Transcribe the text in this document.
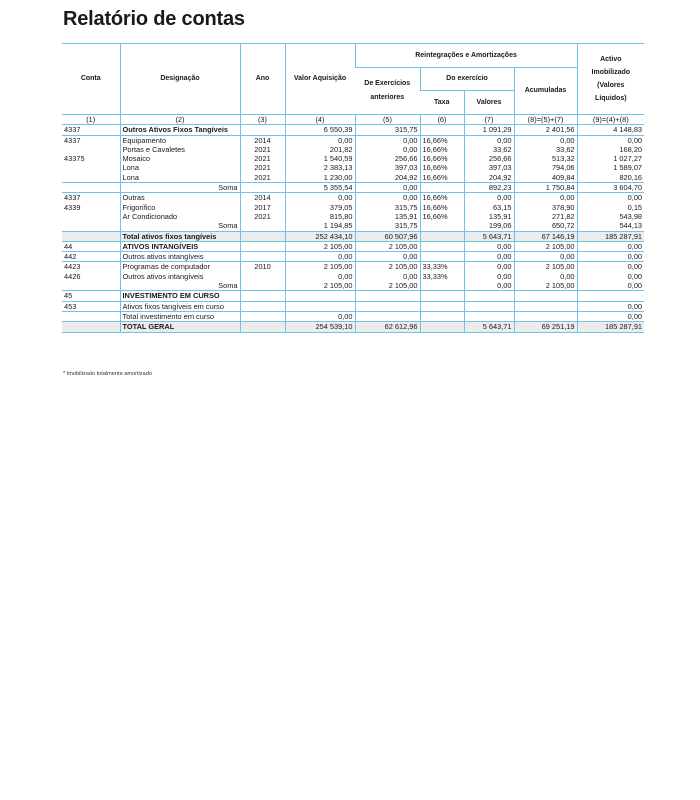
Relatório de contas
Conta	Designação	Ano	Valor Aquisição	Reintegrações e Amortizações				Activo
Imobilizado
(Valores
Líquidos)

				De Exercícios
anteriores	Do exercício		Acumuladas	
					Taxa	Valores		
(1)	(2)	(3)	(4)	(5)	(6)	(7)	(8)=(5)+(7)	(9)=(4)+(8)
4337	Outros Ativos Fixos Tangíveis		6 550,39	315,75		1 091,29	2 401,56	4 148,83
4337	Equipamento	2014	0,00	0,00	16,66%	0,00	0,00	0,00
	Portas e Cavaletes	2021	201,82	0,00	16,66%	33,62	33,62	168,20
43375	Mosaico	2021	1 540,59	256,66	16,66%	256,66	513,32	1 027,27
	Lona	2021	2 383,13	397,03	16,66%	397,03	794,06	1 589,07
	Lona	2021	1 230,00	204,92	16,66%	204,92	409,84	820,16
	Soma		5 355,54	0,00		892,23	1 750,84	3 604,70
4337	Outras	2014	0,00	0,00	16,66%	0,00	0,00	0,00
4339	Frigorífico	2017	379,05	315,75	16,66%	63,15	378,90	0,15
	Ar Condicionado	2021	815,80	135,91	16,66%	135,91	271,82	543,98
	Soma		1 194,85	315,75		199,06	650,72	544,13
	Total ativos fixos tangíveis		252 434,10	60 507,96		5 643,71	67 146,19	185 287,91
44	ATIVOS INTANGÍVEIS		2 105,00	2 105,00		0,00	2 105,00	0,00
442	Outros ativos intangíveis		0,00	0,00		0,00	0,00	0,00
4423	Programas de computador	2010	2 105,00	2 105,00	33,33%	0,00	2 105,00	0,00
4426	Outros ativos intangíveis		0,00	0,00	33,33%	0,00	0,00	0,00
	Soma		2 105,00	2 105,00		0,00	2 105,00	0,00
45	INVESTIMENTO EM CURSO							
453	Ativos fixos tangíveis em curso							0,00
	Total investimento em curso		0,00					0,00
	TOTAL GERAL		254 539,10	62 612,96		5 643,71	69 251,19	185 287,91
* Imobilizado totalmente amortizado
